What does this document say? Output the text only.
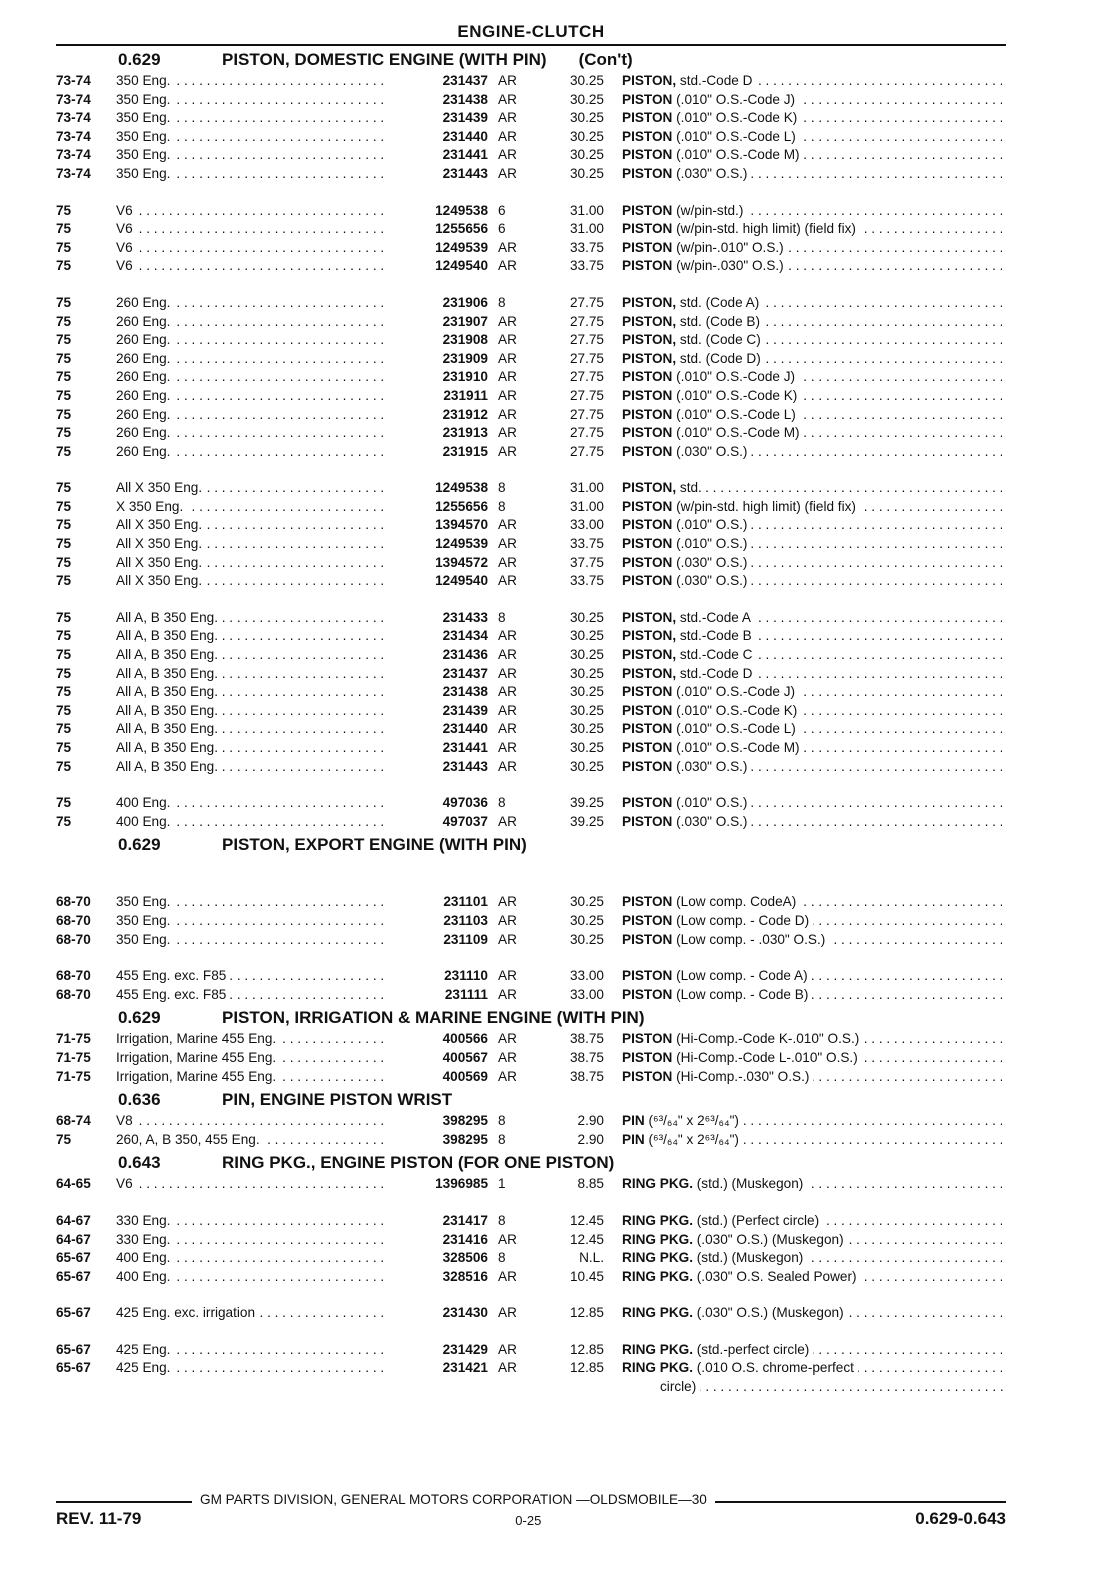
ENGINE-CLUTCH
0.629	PISTON, DOMESTIC ENGINE (WITH PIN) (Con't)
73-74	350 Eng. . . .	231437 AR	30.25	PISTON, std.-Code D . . .
73-74	350 Eng. . . .	231438 AR	30.25	PISTON (.010" O.S.-Code J) . . .
73-74	350 Eng. . . .	231439 AR	30.25	PISTON (.010" O.S.-Code K) . . .
73-74	350 Eng. . . .	231440 AR	30.25	PISTON (.010" O.S.-Code L) . . .
73-74	350 Eng. . . .	231441 AR	30.25	PISTON (.010" O.S.-Code M) . . .
73-74	350 Eng. . . .	231443 AR	30.25	PISTON (.030" O.S.) . . .
75	V6 . . .	1249538 6	31.00	PISTON (w/pin-std.) . . .
75	V6 . . .	1255656 6	31.00	PISTON (w/pin-std. high limit) (field fix) . . .
75	V6 . . .	1249539 AR	33.75	PISTON (w/pin-.010" O.S.) . . .
75	V6 . . .	1249540 AR	33.75	PISTON (w/pin-.030" O.S.) . . .
75	260 Eng. . . .	231906 8	27.75	PISTON, std. (Code A) . . .
75	260 Eng. . . .	231907 AR	27.75	PISTON, std. (Code B) . . .
75	260 Eng. . . .	231908 AR	27.75	PISTON, std. (Code C) . . .
75	260 Eng. . . .	231909 AR	27.75	PISTON, std. (Code D) . . .
75	260 Eng. . . .	231910 AR	27.75	PISTON (.010" O.S.-Code J) . . .
75	260 Eng. . . .	231911 AR	27.75	PISTON (.010" O.S.-Code K) . . .
75	260 Eng. . . .	231912 AR	27.75	PISTON (.010" O.S.-Code L) . . .
75	260 Eng. . . .	231913 AR	27.75	PISTON (.010" O.S.-Code M) . . .
75	260 Eng. . . .	231915 AR	27.75	PISTON (.030" O.S.) . . .
75	All X 350 Eng. . . .	1249538 8	31.00	PISTON, std. . . .
75	X 350 Eng. . . .	1255656 8	31.00	PISTON (w/pin-std. high limit) (field fix) . . .
75	All X 350 Eng. . . .	1394570 AR	33.00	PISTON (.010" O.S.) . . .
75	All X 350 Eng. . . .	1249539 AR	33.75	PISTON (.010" O.S.) . . .
75	All X 350 Eng. . . .	1394572 AR	37.75	PISTON (.030" O.S.) . . .
75	All X 350 Eng. . . .	1249540 AR	33.75	PISTON (.030" O.S.) . . .
75	All A, B 350 Eng. . . .	231433 8	30.25	PISTON, std.-Code A . . .
75	All A, B 350 Eng. . . .	231434 AR	30.25	PISTON, std.-Code B . . .
75	All A, B 350 Eng. . . .	231436 AR	30.25	PISTON, std.-Code C . . .
75	All A, B 350 Eng. . . .	231437 AR	30.25	PISTON, std.-Code D . . .
75	All A, B 350 Eng. . . .	231438 AR	30.25	PISTON (.010" O.S.-Code J) . . .
75	All A, B 350 Eng. . . .	231439 AR	30.25	PISTON (.010" O.S.-Code K) . . .
75	All A, B 350 Eng. . . .	231440 AR	30.25	PISTON (.010" O.S.-Code L) . . .
75	All A, B 350 Eng. . . .	231441 AR	30.25	PISTON (.010" O.S.-Code M) . . .
75	All A, B 350 Eng. . . .	231443 AR	30.25	PISTON (.030" O.S.) . . .
75	400 Eng. . . .	497036 8	39.25	PISTON (.010" O.S.) . . .
75	400 Eng. . . .	497037 AR	39.25	PISTON (.030" O.S.) . . .
0.629	PISTON, EXPORT ENGINE (WITH PIN)
68-70	350 Eng. . . .	231101 AR	30.25	PISTON (Low comp. CodeA) . . .
68-70	350 Eng. . . .	231103 AR	30.25	PISTON (Low comp. - Code D) . . .
68-70	350 Eng. . . .	231109 AR	30.25	PISTON (Low comp. - .030" O.S.) . . .
68-70	455 Eng. exc. F85 . . .	231110 AR	33.00	PISTON (Low comp. - Code A) . . .
68-70	455 Eng. exc. F85 . . .	231111 AR	33.00	PISTON (Low comp. - Code B) . . .
0.629	PISTON, IRRIGATION & MARINE ENGINE (WITH PIN)
71-75	Irrigation, Marine 455 Eng. . . .	400566 AR	38.75	PISTON (Hi-Comp.-Code K-.010" O.S.) . . .
71-75	Irrigation, Marine 455 Eng. . . .	400567 AR	38.75	PISTON (Hi-Comp.-Code L-.010" O.S.) . . .
71-75	Irrigation, Marine 455 Eng. . . .	400569 AR	38.75	PISTON (Hi-Comp.-.030" O.S.) . . .
0.636	PIN, ENGINE PISTON WRIST
68-74	V8 . . .	398295 8	2.90	PIN (⁶³/₆₄" x 2⁶³/₆₄") . . .
75	260, A, B 350, 455 Eng. . . .	398295 8	2.90	PIN (⁶³/₆₄" x 2⁶³/₆₄") . . .
0.643	RING PKG., ENGINE PISTON (FOR ONE PISTON)
64-65	V6 . . .	1396985 1	8.85	RING PKG. (std.) (Muskegon) . . .
64-67	330 Eng. . . .	231417 8	12.45	RING PKG. (std.) (Perfect circle) . . .
64-67	330 Eng. . . .	231416 AR	12.45	RING PKG. (.030" O.S.) (Muskegon) . . .
65-67	400 Eng. . . .	328506 8	N.L.	RING PKG. (std.) (Muskegon) . . .
65-67	400 Eng. . . .	328516 AR	10.45	RING PKG. (.030" O.S. Sealed Power) . . .
65-67	425 Eng. exc. irrigation . . .	231430 AR	12.85	RING PKG. (.030" O.S.) (Muskegon) . . .
65-67	425 Eng. . . .	231429 AR	12.85	RING PKG. (std.-perfect circle) . . .
65-67	425 Eng. . . .	231421 AR	12.85	RING PKG. (.010 O.S. chrome-perfect . . .
circle) . . .
GM PARTS DIVISION, GENERAL MOTORS CORPORATION —OLDSMOBILE—30
REV. 11-79	0-25	0.629-0.643
